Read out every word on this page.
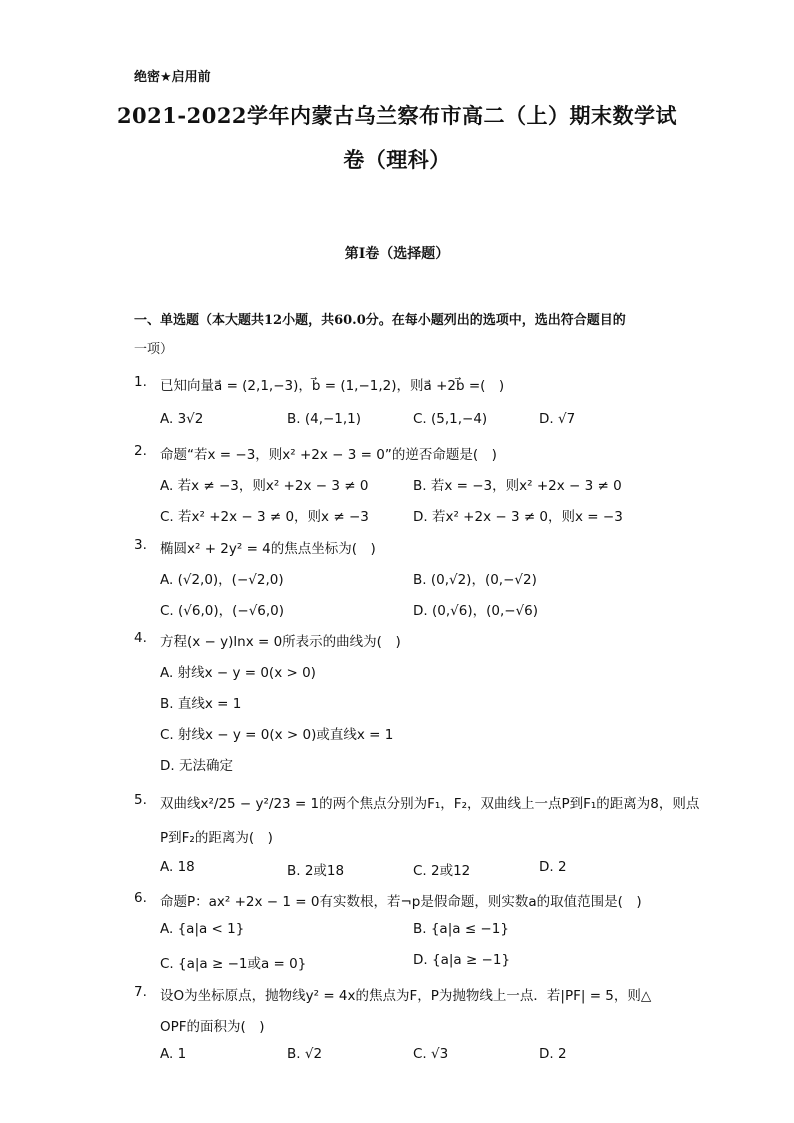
绝密★启用前
2021-2022学年内蒙古乌兰察布市高二（上）期末数学试
卷（理科）
第I卷（选择题）
一、单选题（本大题共12小题，共60.0分。在每小题列出的选项中，选出符合题目的
一项）
1. 已知向量a⃗ = (2,1,−3)，b⃗ = (1,−1,2)，则a⃗ +2b⃗ =(　)
A. 3√2	B. (4,−1,1)	C. (5,1,−4)	D. √7
2. 命题“若x = −3，则x² +2x − 3 = 0”的逆否命题是(　)
A. 若x ≠ −3，则x² +2x − 3 ≠ 0	B. 若x = −3，则x² +2x − 3 ≠ 0
C. 若x² +2x − 3 ≠ 0，则x ≠ −3	D. 若x² +2x − 3 ≠ 0，则x = −3
3. 椭圆x² + 2y² = 4的焦点坐标为(　)
A. (√2,0)，(−√2,0)	B. (0,√2)，(0,−√2)
C. (√6,0)，(−√6,0)	D. (0,√6)，(0,−√6)
4. 方程(x − y)lnx = 0所表示的曲线为(　)
A. 射线x − y = 0(x > 0)
B. 直线x = 1
C. 射线x − y = 0(x > 0)或直线x = 1
D. 无法确定
5. 双曲线x²/25 − y²/23 = 1的两个焦点分别为F₁，F₂，双曲线上一点P到F₁的距离为8，则点
P到F₂的距离为(　)
A. 18	B. 2或18	C. 2或12	D. 2
6. 命题P：ax² +2x − 1 = 0有实数根，若¬p是假命题，则实数a的取值范围是(　)
A. {a|a < 1}	B. {a|a ≤ −1}
C. {a|a ≥ −1或a = 0}	D. {a|a ≥ −1}
7. 设O为坐标原点，抛物线y² = 4x的焦点为F，P为抛物线上一点．若|PF| = 5，则△
OPF的面积为(　)
A. 1	B. √2	C. √3	D. 2
